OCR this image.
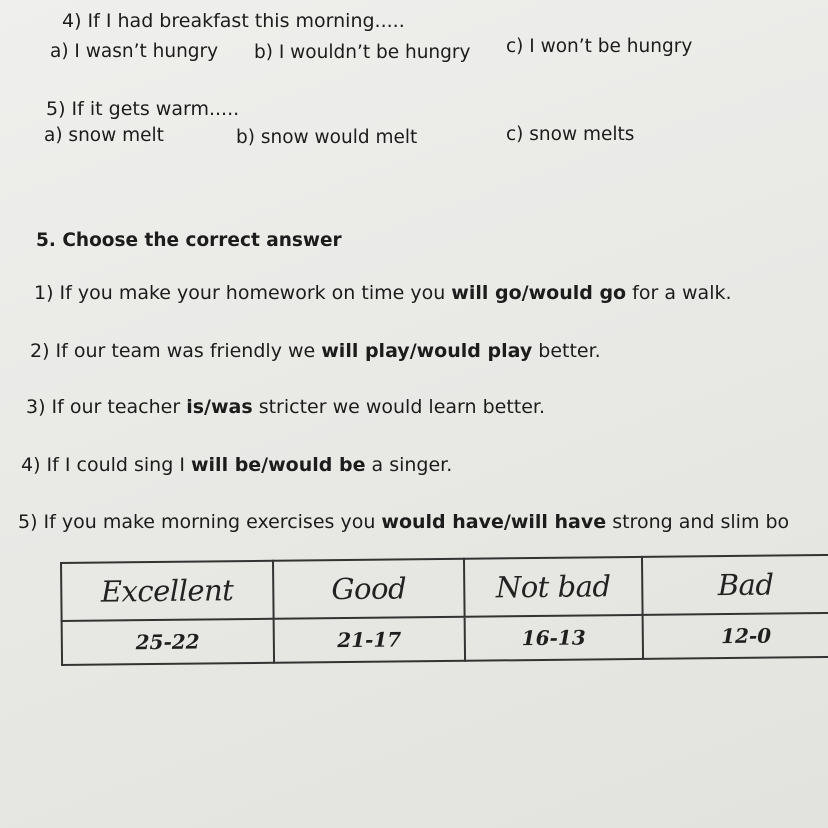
4) If I had breakfast this morning.....
a) I wasn’t hungry b) I wouldn’t be hungry c) I won’t be hungry
5) If it gets warm.....
a) snow melt	b) snow would melt	c) snow melts
5. Choose the correct answer
1) If you make your homework on time you will go/would go for a walk.
2) If our team was friendly we will play/would play better.
3) If our teacher is/was stricter we would learn better.
4) If I could sing I will be/would be a singer.
5) If you make morning exercises you would have/will have strong and slim bo
Excellent	Good	Not bad	Bad
25-22	21-17	16-13	12-0
